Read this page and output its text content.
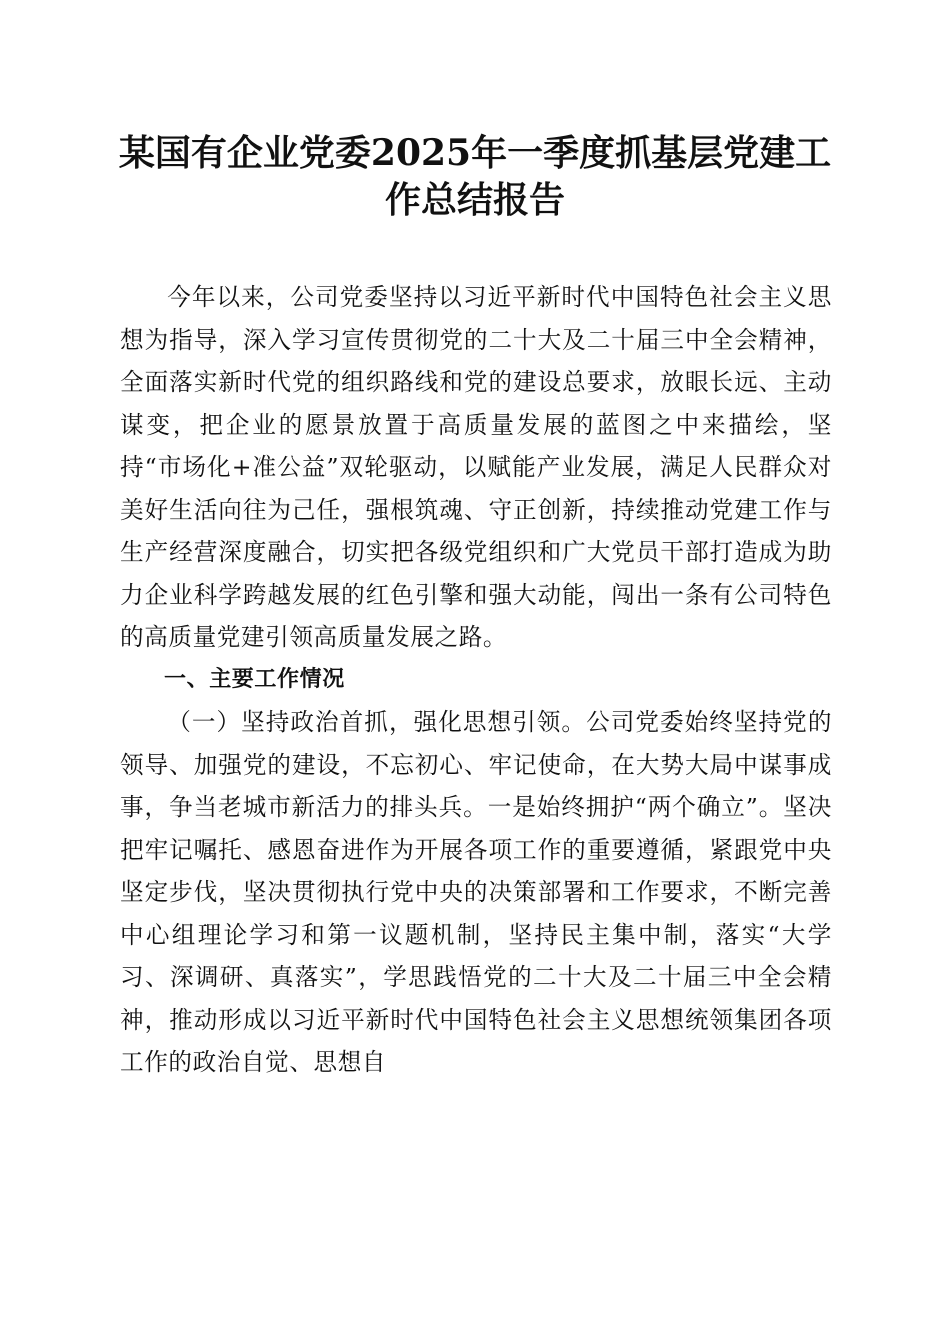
某国有企业党委2025年一季度抓基层党建工作总结报告

今年以来，公司党委坚持以习近平新时代中国特色社会主义思想为指导，深入学习宣传贯彻党的二十大及二十届三中全会精神，全面落实新时代党的组织路线和党的建设总要求，放眼长远、主动谋变，把企业的愿景放置于高质量发展的蓝图之中来描绘，坚持“市场化+准公益”双轮驱动，以赋能产业发展，满足人民群众对美好生活向往为己任，强根筑魂、守正创新，持续推动党建工作与生产经营深度融合，切实把各级党组织和广大党员干部打造成为助力企业科学跨越发展的红色引擎和强大动能，闯出一条有公司特色的高质量党建引领高质量发展之路。

一、主要工作情况

（一）坚持政治首抓，强化思想引领。公司党委始终坚持党的领导、加强党的建设，不忘初心、牢记使命，在大势大局中谋事成事，争当老城市新活力的排头兵。一是始终拥护“两个确立”。坚决把牢记嘱托、感恩奋进作为开展各项工作的重要遵循，紧跟党中央坚定步伐，坚决贯彻执行党中央的决策部署和工作要求，不断完善中心组理论学习和第一议题机制，坚持民主集中制，落实“大学习、深调研、真落实”，学思践悟党的二十大及二十届三中全会精神，推动形成以习近平新时代中国特色社会主义思想统领集团各项工作的政治自觉、思想自
